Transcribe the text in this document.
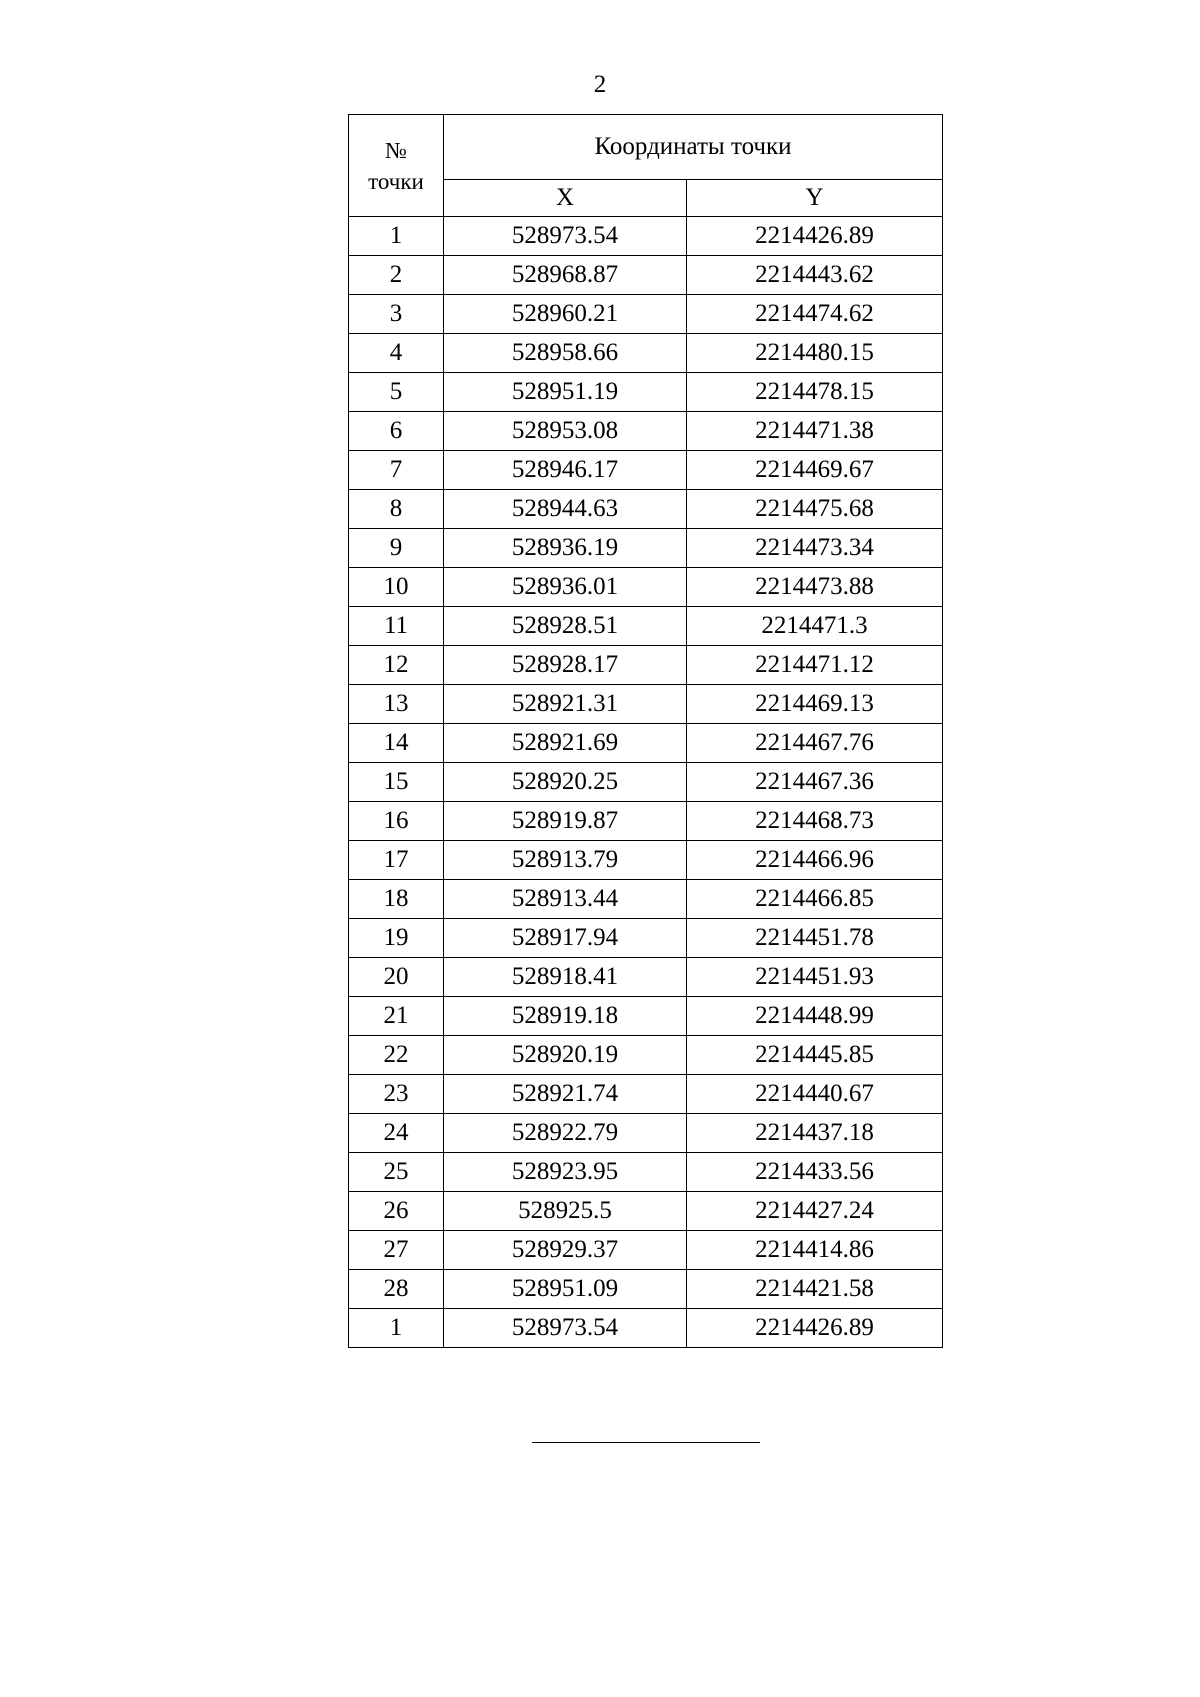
2
№
точки	Координаты точки	
	X	Y
1	528973.54	2214426.89
2	528968.87	2214443.62
3	528960.21	2214474.62
4	528958.66	2214480.15
5	528951.19	2214478.15
6	528953.08	2214471.38
7	528946.17	2214469.67
8	528944.63	2214475.68
9	528936.19	2214473.34
10	528936.01	2214473.88
11	528928.51	2214471.3
12	528928.17	2214471.12
13	528921.31	2214469.13
14	528921.69	2214467.76
15	528920.25	2214467.36
16	528919.87	2214468.73
17	528913.79	2214466.96
18	528913.44	2214466.85
19	528917.94	2214451.78
20	528918.41	2214451.93
21	528919.18	2214448.99
22	528920.19	2214445.85
23	528921.74	2214440.67
24	528922.79	2214437.18
25	528923.95	2214433.56
26	528925.5	2214427.24
27	528929.37	2214414.86
28	528951.09	2214421.58
1	528973.54	2214426.89
